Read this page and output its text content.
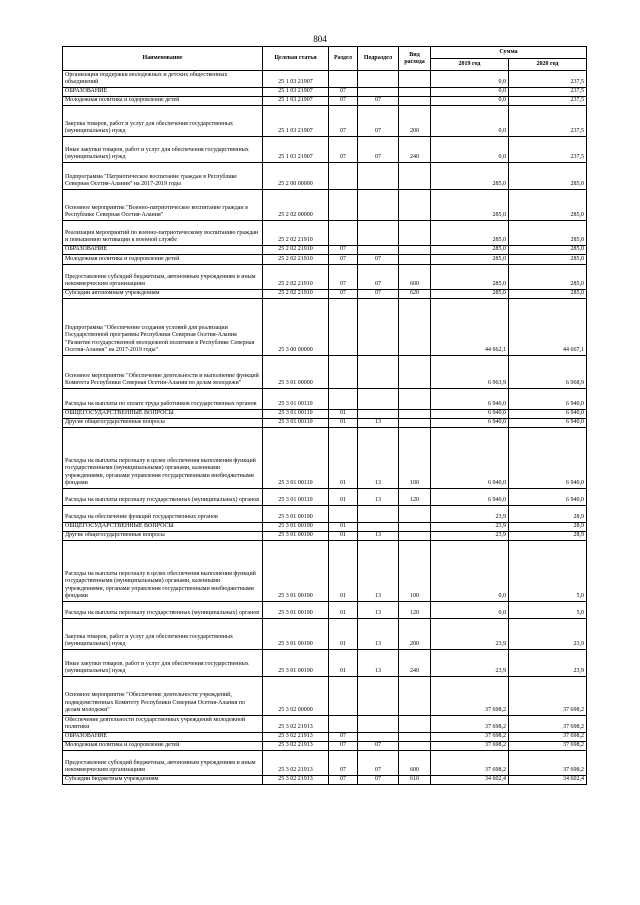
804
Наименование	Целевая статья	Раздел	Подраздел	Вид расхода	Сумма	
					2019 год	2020 год
Организация поддержки молодежных и детских общественных объединений	25 1 03 21907				0,0	237,5
ОБРАЗОВАНИЕ	25 1 03 21907	07			0,0	237,5
Молодежная политика и оздоровление детей	25 1 03 21907	07	07		0,0	237,5
Закупка товаров, работ и услуг для обеспечения государственных (муниципальных) нужд	25 1 03 21907	07	07	200	0,0	237,5
Иные закупки товаров, работ и услуг для обеспечения государственных (муниципальных) нужд	25 1 03 21907	07	07	240	0,0	237,5
Подпрограмма "Патриотическое воспитание граждан в Республике Северная Осетия-Алания" на 2017-2019 годы	25 2 00 00000				285,0	285,0
Основное мероприятие "Военно-патриотическое воспитание граждан в Республике Северная Осетия-Алания"	25 2 02 00000				285,0	285,0
Реализация мероприятий по военно-патриотическому воспитанию граждан и повышению мотивации к военной службе	25 2 02 21910				285,0	285,0
ОБРАЗОВАНИЕ	25 2 02 21910	07			285,0	285,0
Молодежная политика и оздоровление детей	25 2 02 21910	07	07		285,0	285,0
Предоставление субсидий бюджетным, автономным учреждениям и иным некоммерческим организациям	25 2 02 21910	07	07	600	285,0	285,0
Субсидии автономным учреждениям	25 2 02 21910	07	07	620	285,0	285,0
Подпрограмма "Обеспечение создания условий для реализации Государственной программы Республики Северная Осетия-Алания "Развитие государственной молодежной политики в Республике Северная Осетия-Алания" на 2017-2019 годы"	25 3 00 00000				44 662,1	44 667,1
Основное мероприятие "Обеспечение деятельности и выполнение функций Комитета Республики Северная Осетия-Алания по делам молодежи"	25 3 01 00000				6 963,9	6 968,9
Расходы на выплаты по оплате труда работников государственных органов	25 3 01 00110				6 940,0	6 940,0
ОБЩЕГОСУДАРСТВЕННЫЕ ВОПРОСЫ	25 3 01 00110	01			6 940,0	6 940,0
Другие общегосударственные вопросы	25 3 01 00110	01	13		6 940,0	6 940,0
Расходы на выплаты персоналу в целях обеспечения выполнения функций государственными (муниципальными) органами, казенными учреждениями, органами управления государственными внебюджетными фондами	25 3 01 00110	01	13	100	6 940,0	6 940,0
Расходы на выплаты персоналу государственных (муниципальных) органов	25 3 01 00110	01	13	120	6 940,0	6 940,0
Расходы на обеспечение функций государственных органов	25 3 01 00190				23,9	28,9
ОБЩЕГОСУДАРСТВЕННЫЕ ВОПРОСЫ	25 3 01 00190	01			23,9	28,9
Другие общегосударственные вопросы	25 3 01 00190	01	13		23,9	28,9
Расходы на выплаты персоналу в целях обеспечения выполнения функций государственными (муниципальными) органами, казенными учреждениями, органами управления государственными внебюджетными фондами	25 3 01 00190	01	13	100	0,0	5,0
Расходы на выплаты персоналу государственных (муниципальных) органов	25 3 01 00190	01	13	120	0,0	5,0
Закупка товаров, работ и услуг для обеспечения государственных (муниципальных) нужд	25 3 01 00190	01	13	200	23,9	23,9
Иные закупки товаров, работ и услуг для обеспечения государственных (муниципальных) нужд	25 3 01 00190	01	13	240	23,9	23,9
Основное мероприятие "Обеспечение деятельности учреждений, подведомственных Комитету Республики Северная Осетия-Алания по делам молодежи"	25 3 02 00000				37 698,2	37 698,2
Обеспечение деятельности государственных учреждений молодежной политики	25 3 02 21913				37 698,2	37 698,2
ОБРАЗОВАНИЕ	25 3 02 21913	07			37 698,2	37 698,2
Молодежная политика и оздоровление детей	25 3 02 21913	07	07		37 698,2	37 698,2
Предоставление субсидий бюджетным, автономным учреждениям и иным некоммерческим организациям	25 3 02 21913	07	07	600	37 698,2	37 698,2
Субсидии бюджетным учреждениям	25 3 02 21913	07	07	610	34 602,4	34 602,4
